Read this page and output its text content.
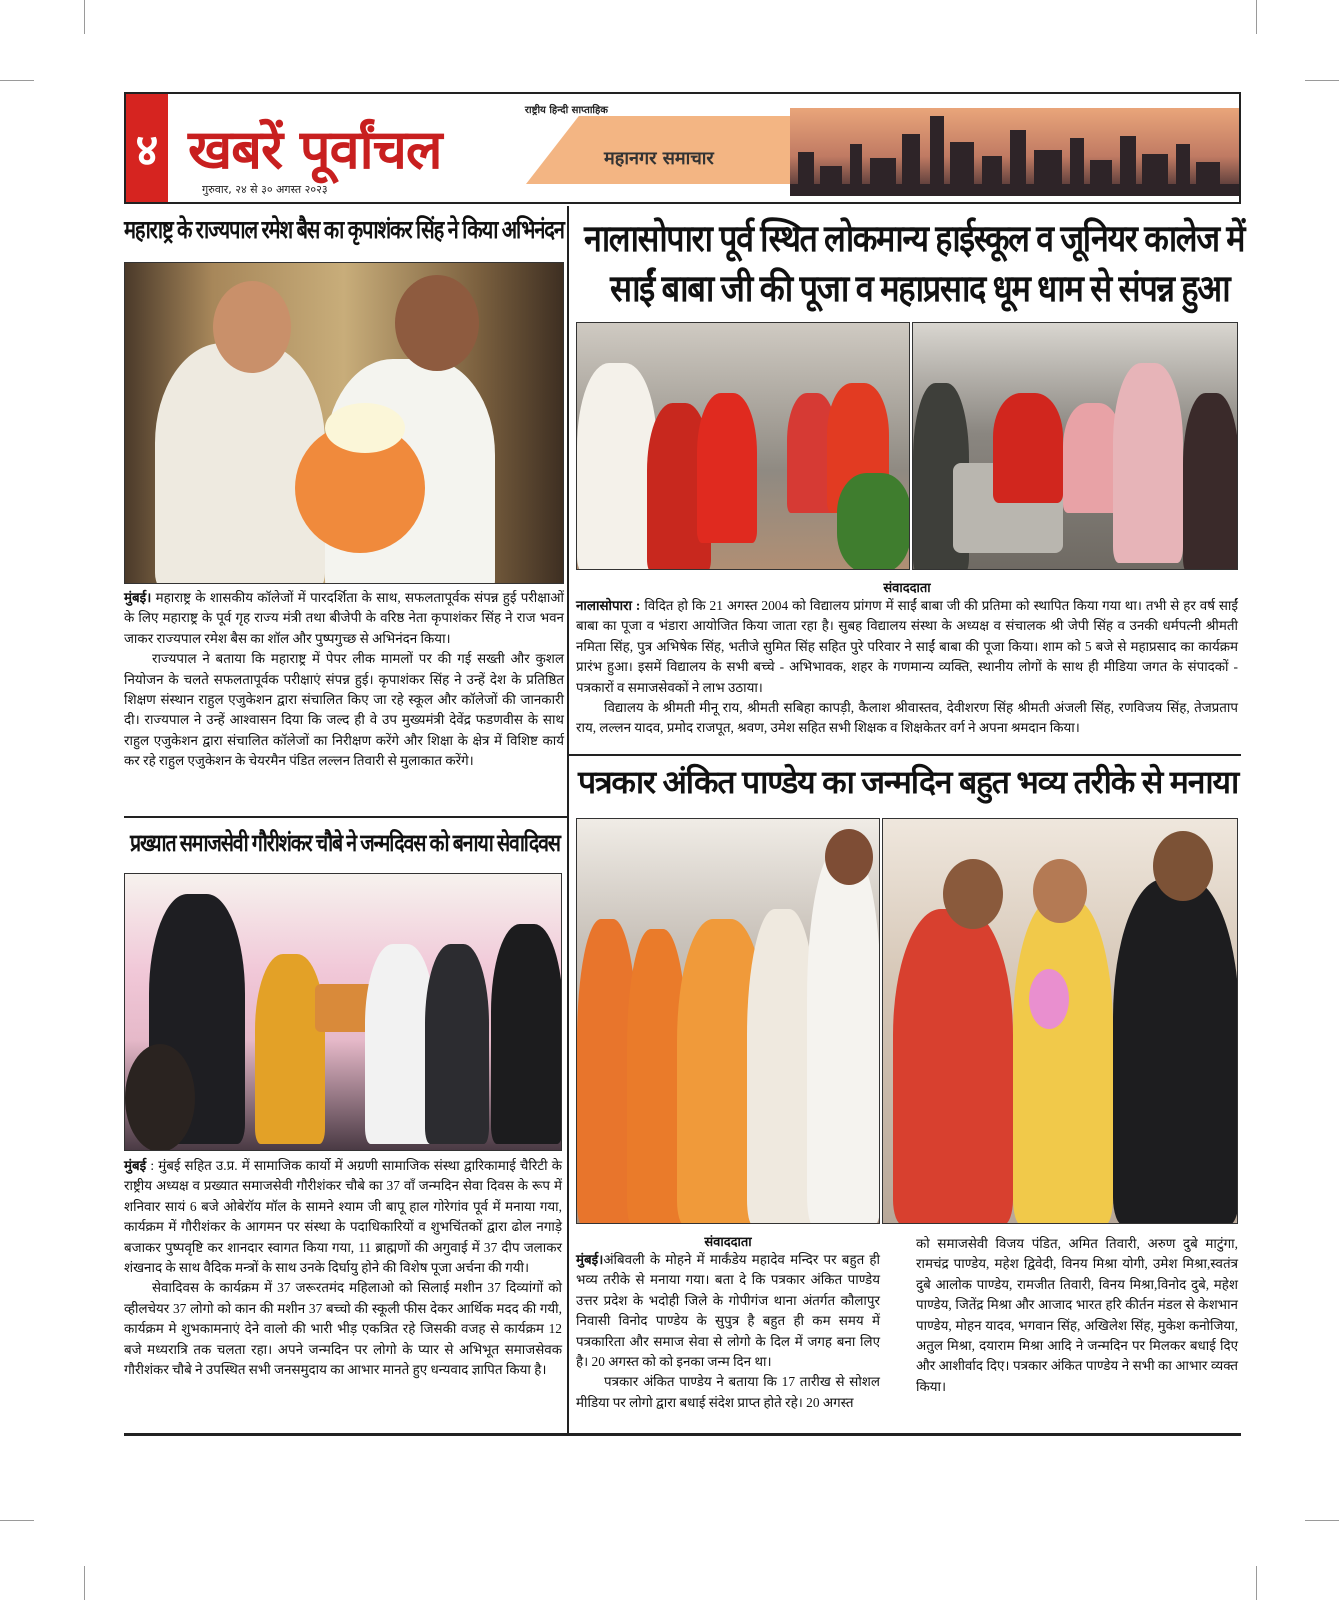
४ खबरें पूर्वांचल
राष्ट्रीय हिन्दी साप्ताहिक
गुरुवार, २४ से ३० अगस्त २०२३
महानगर समाचार
महाराष्ट्र के राज्यपाल रमेश बैस का कृपाशंकर सिंह ने किया अभिनंदन

मुंबई। महाराष्ट्र के शासकीय कॉलेजों में पारदर्शिता के साथ, सफलतापूर्वक संपन्न हुई परीक्षाओं के लिए महाराष्ट्र के पूर्व गृह राज्य मंत्री तथा बीजेपी के वरिष्ठ नेता कृपाशंकर सिंह ने राज भवन जाकर राज्यपाल रमेश बैस का शॉल और पुष्पगुच्छ से अभिनंदन किया।

राज्यपाल ने बताया कि महाराष्ट्र में पेपर लीक मामलों पर की गई सख्ती और कुशल नियोजन के चलते सफलतापूर्वक परीक्षाएं संपन्न हुई। कृपाशंकर सिंह ने उन्हें देश के प्रतिष्ठित शिक्षण संस्थान राहुल एजुकेशन द्वारा संचालित किए जा रहे स्कूल और कॉलेजों की जानकारी दी। राज्यपाल ने उन्हें आश्वासन दिया कि जल्द ही वे उप मुख्यमंत्री देवेंद्र फडणवीस के साथ राहुल एजुकेशन द्वारा संचालित कॉलेजों का निरीक्षण करेंगे और शिक्षा के क्षेत्र में विशिष्ट कार्य कर रहे राहुल एजुकेशन के चेयरमैन पंडित लल्लन तिवारी से मुलाकात करेंगे।

नालासोपारा पूर्व स्थित लोकमान्य हाईस्कूल व जूनियर कालेज में
साईं बाबा जी की पूजा व महाप्रसाद धूम धाम से संपन्न हुआ
संवाददाता

नालासोपारा : विदित हो कि 21 अगस्त 2004 को विद्यालय प्रांगण में साईं बाबा जी की प्रतिमा को स्थापित किया गया था। तभी से हर वर्ष साईं बाबा का पूजा व भंडारा आयोजित किया जाता रहा है। सुबह विद्यालय संस्था के अध्यक्ष व संचालक श्री जेपी सिंह व उनकी धर्मपत्नी श्रीमती नमिता सिंह, पुत्र अभिषेक सिंह, भतीजे सुमित सिंह सहित पुरे परिवार ने साईं बाबा की पूजा किया। शाम को 5 बजे से महाप्रसाद का कार्यक्रम प्रारंभ हुआ। इसमें विद्यालय के सभी बच्चे - अभिभावक, शहर के गणमान्य व्यक्ति, स्थानीय लोगों के साथ ही मीडिया जगत के संपादकों - पत्रकारों व समाजसेवकों ने लाभ उठाया।

विद्यालय के श्रीमती मीनू राय, श्रीमती सबिहा कापड़ी, कैलाश श्रीवास्तव, देवीशरण सिंह श्रीमती अंजली सिंह, रणविजय सिंह, तेजप्रताप राय, लल्लन यादव, प्रमोद राजपूत, श्रवण, उमेश सहित सभी शिक्षक व शिक्षकेतर वर्ग ने अपना श्रमदान किया।

प्रख्यात समाजसेवी गौरीशंकर चौबे ने जन्मदिवस को बनाया सेवादिवस

मुंबई : मुंबई सहित उ.प्र. में सामाजिक कार्यो में अग्रणी सामाजिक संस्था द्वारिकामाई चैरिटी के राष्ट्रीय अध्यक्ष व प्रख्यात समाजसेवी गौरीशंकर चौबे का 37 वाँ जन्मदिन सेवा दिवस के रूप में शनिवार सायं 6 बजे ओबेरॉय मॉल के सामने श्याम जी बापू हाल गोरेगांव पूर्व में मनाया गया, कार्यक्रम में गौरीशंकर के आगमन पर संस्था के पदाधिकारियों व शुभचिंतकों द्वारा ढोल नगाड़े बजाकर पुष्पवृष्टि कर शानदार स्वागत किया गया, 11 ब्राह्मणों की अगुवाई में 37 दीप जलाकर शंखनाद के साथ वैदिक मन्त्रों के साथ उनके दिर्घायु होने की विशेष पूजा अर्चना की गयी।

सेवादिवस के कार्यक्रम में 37 जरूरतमंद महिलाओ को सिलाई मशीन 37 दिव्यांगों को व्हीलचेयर 37 लोगो को कान की मशीन 37 बच्चो की स्कूली फीस देकर आर्थिक मदद की गयी, कार्यक्रम मे शुभकामनाएं देने वालो की भारी भीड़ एकत्रित रहे जिसकी वजह से कार्यक्रम 12 बजे मध्यरात्रि तक चलता रहा। अपने जन्मदिन पर लोगो के प्यार से अभिभूत समाजसेवक गौरीशंकर चौबे ने उपस्थित सभी जनसमुदाय का आभार मानते हुए धन्यवाद ज्ञापित किया है।

पत्रकार अंकित पाण्डेय का जन्मदिन बहुत भव्य तरीके से मनाया
संवाददाता

मुंबई।अंबिवली के मोहने में मार्कंडेय महादेव मन्दिर पर बहुत ही भव्य तरीके से मनाया गया। बता दे कि पत्रकार अंकित पाण्डेय उत्तर प्रदेश के भदोही जिले के गोपीगंज थाना अंतर्गत कौलापुर निवासी विनोद पाण्डेय के सुपुत्र है बहुत ही कम समय में पत्रकारिता और समाज सेवा से लोगो के दिल में जगह बना लिए है। 20 अगस्त को को इनका जन्म दिन था।

पत्रकार अंकित पाण्डेय ने बताया कि 17 तारीख से सोशल मीडिया पर लोगो द्वारा बधाई संदेश प्राप्त होते रहे। 20 अगस्त

को समाजसेवी विजय पंडित, अमित तिवारी, अरुण दुबे माटुंगा, रामचंद्र पाण्डेय, महेश द्विवेदी, विनय मिश्रा योगी, उमेश मिश्रा,स्वतंत्र दुबे आलोक पाण्डेय, रामजीत तिवारी, विनय मिश्रा,विनोद दुबे, महेश पाण्डेय, जितेंद्र मिश्रा और आजाद भारत हरि कीर्तन मंडल से केशभान पाण्डेय, मोहन यादव, भगवान सिंह, अखिलेश सिंह, मुकेश कनोजिया, अतुल मिश्रा, दयाराम मिश्रा आदि ने जन्मदिन पर मिलकर बधाई दिए और आशीर्वाद दिए। पत्रकार अंकित पाण्डेय ने सभी का आभार व्यक्त किया।
